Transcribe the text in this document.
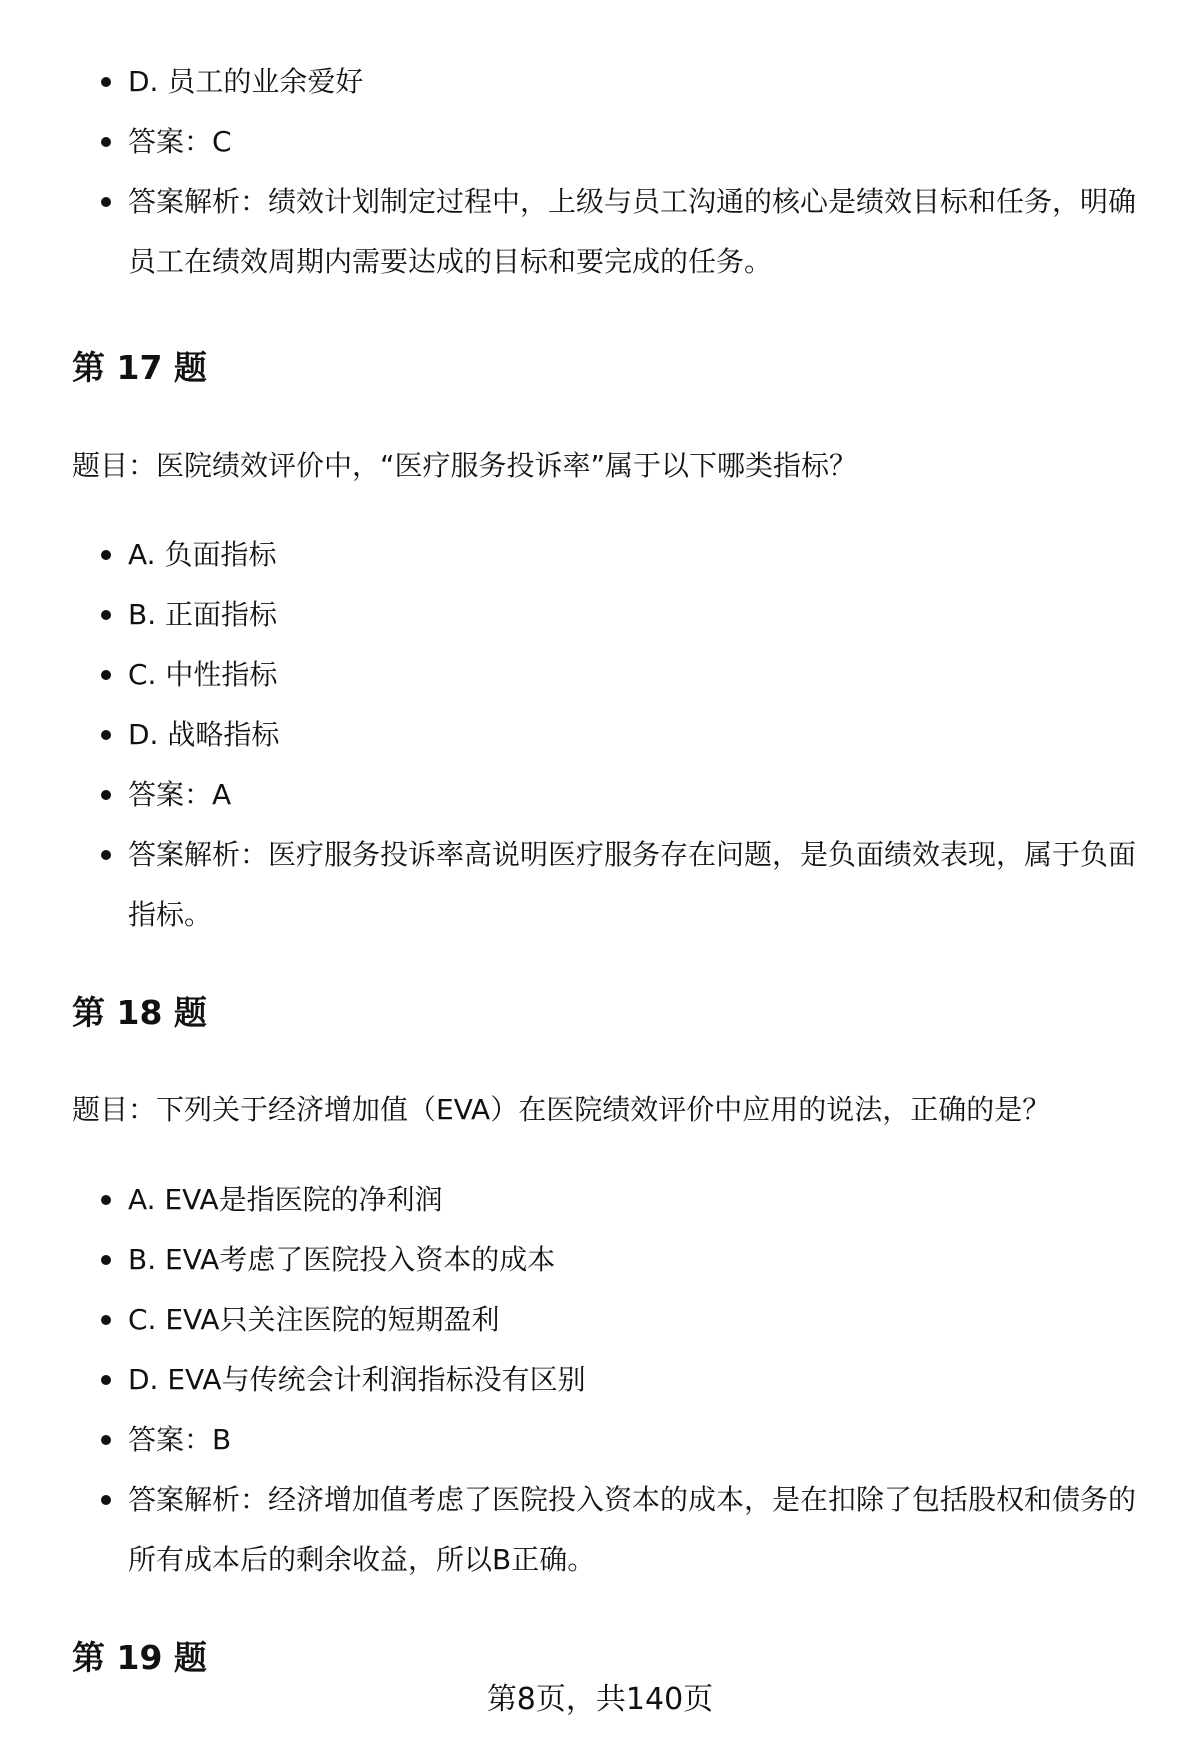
D. 员工的业余爱好
答案：C
答案解析：绩效计划制定过程中，上级与员工沟通的核心是绩效目标和任务，明确员工在绩效周期内需要达成的目标和要完成的任务。
第 17 题

题目：医院绩效评价中，“医疗服务投诉率”属于以下哪类指标？

A. 负面指标
B. 正面指标
C. 中性指标
D. 战略指标
答案：A
答案解析：医疗服务投诉率高说明医疗服务存在问题，是负面绩效表现，属于负面指标。
第 18 题

题目：下列关于经济增加值（EVA）在医院绩效评价中应用的说法，正确的是？

A. EVA是指医院的净利润
B. EVA考虑了医院投入资本的成本
C. EVA只关注医院的短期盈利
D. EVA与传统会计利润指标没有区别
答案：B
答案解析：经济增加值考虑了医院投入资本的成本，是在扣除了包括股权和债务的所有成本后的剩余收益，所以B正确。
第 19 题
第8页，共140页
